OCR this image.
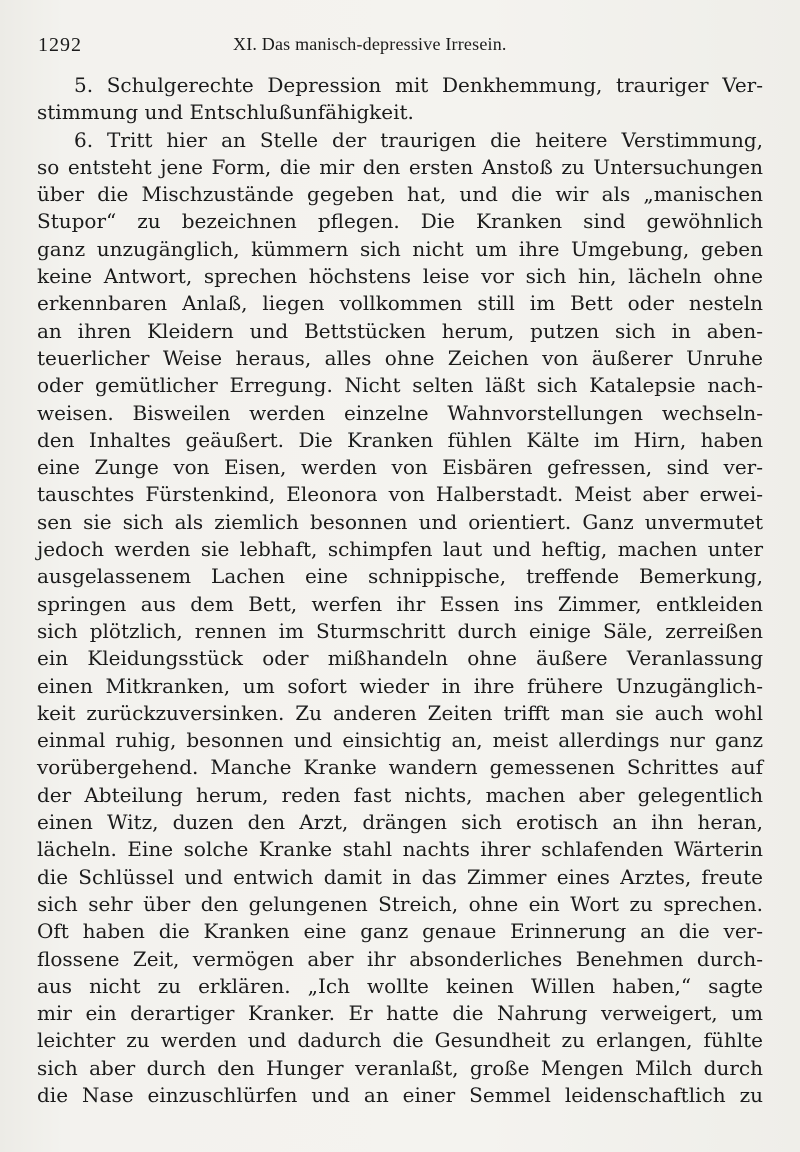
1292	XI. Das manisch-depressive Irresein.
5. Schulgerechte Depression mit Denkhemmung, trauriger Ver-
stimmung und Entschlußunfähigkeit.
6. Tritt hier an Stelle der traurigen die heitere Verstimmung,
so entsteht jene Form, die mir den ersten Anstoß zu Untersuchungen
über die Mischzustände gegeben hat, und die wir als „manischen
Stupor“ zu bezeichnen pflegen. Die Kranken sind gewöhnlich
ganz unzugänglich, kümmern sich nicht um ihre Umgebung, geben
keine Antwort, sprechen höchstens leise vor sich hin, lächeln ohne
erkennbaren Anlaß, liegen vollkommen still im Bett oder nesteln
an ihren Kleidern und Bettstücken herum, putzen sich in aben-
teuerlicher Weise heraus, alles ohne Zeichen von äußerer Unruhe
oder gemütlicher Erregung. Nicht selten läßt sich Katalepsie nach-
weisen. Bisweilen werden einzelne Wahnvorstellungen wechseln-
den Inhaltes geäußert. Die Kranken fühlen Kälte im Hirn, haben
eine Zunge von Eisen, werden von Eisbären gefressen, sind ver-
tauschtes Fürstenkind, Eleonora von Halberstadt. Meist aber erwei-
sen sie sich als ziemlich besonnen und orientiert. Ganz unvermutet
jedoch werden sie lebhaft, schimpfen laut und heftig, machen unter
ausgelassenem Lachen eine schnippische, treffende Bemerkung,
springen aus dem Bett, werfen ihr Essen ins Zimmer, entkleiden
sich plötzlich, rennen im Sturmschritt durch einige Säle, zerreißen
ein Kleidungsstück oder mißhandeln ohne äußere Veranlassung
einen Mitkranken, um sofort wieder in ihre frühere Unzugänglich-
keit zurückzuversinken. Zu anderen Zeiten trifft man sie auch wohl
einmal ruhig, besonnen und einsichtig an, meist allerdings nur ganz
vorübergehend. Manche Kranke wandern gemessenen Schrittes auf
der Abteilung herum, reden fast nichts, machen aber gelegentlich
einen Witz, duzen den Arzt, drängen sich erotisch an ihn heran,
lächeln. Eine solche Kranke stahl nachts ihrer schlafenden Wärterin
die Schlüssel und entwich damit in das Zimmer eines Arztes, freute
sich sehr über den gelungenen Streich, ohne ein Wort zu sprechen.
Oft haben die Kranken eine ganz genaue Erinnerung an die ver-
flossene Zeit, vermögen aber ihr absonderliches Benehmen durch-
aus nicht zu erklären. „Ich wollte keinen Willen haben,“ sagte
mir ein derartiger Kranker. Er hatte die Nahrung verweigert, um
leichter zu werden und dadurch die Gesundheit zu erlangen, fühlte
sich aber durch den Hunger veranlaßt, große Mengen Milch durch
die Nase einzuschlürfen und an einer Semmel leidenschaftlich zu
